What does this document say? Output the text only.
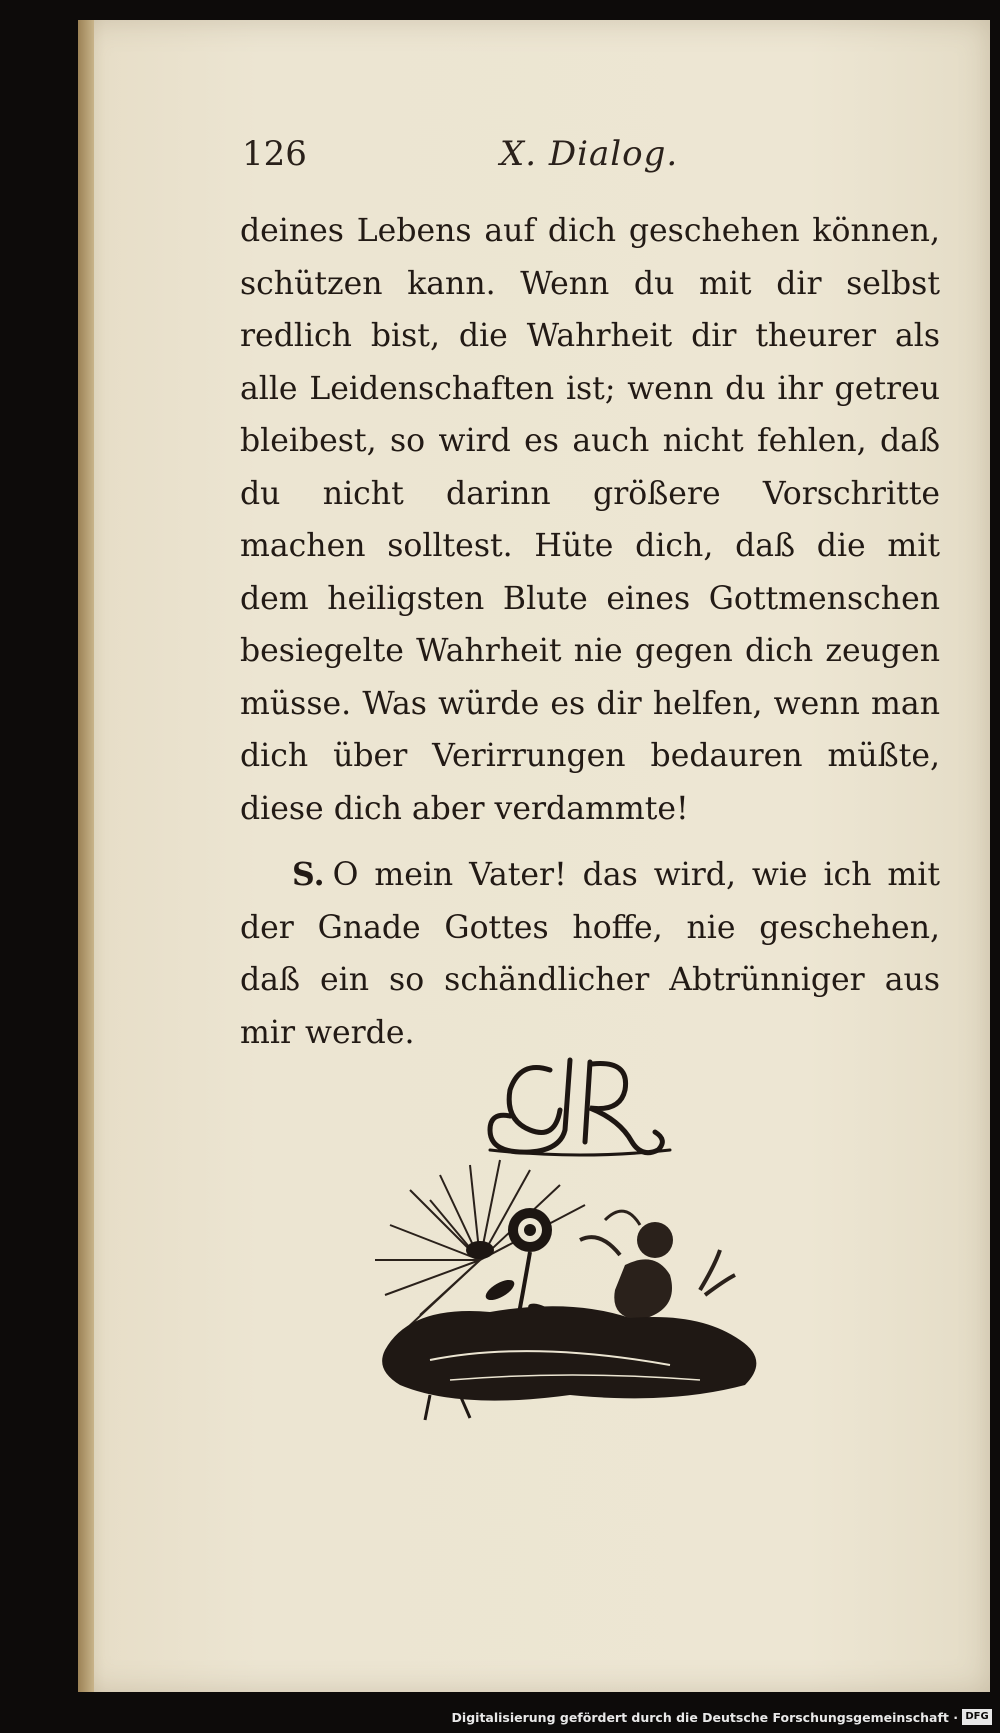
126	X. Dialog.

deines Lebens auf dich geschehen können, schützen kann. Wenn du mit dir selbst redlich bist, die Wahrheit dir theurer als alle Leidenschaften ist; wenn du ihr getreu bleibest, so wird es auch nicht fehlen, daß du nicht darinn größere Vorschritte machen solltest. Hüte dich, daß die mit dem heiligsten Blute eines Gottmenschen besiegelte Wahrheit nie gegen dich zeugen müsse. Was würde es dir helfen, wenn man dich über Verirrungen bedauren müßte, diese dich aber verdammte!

S. O mein Vater! das wird, wie ich mit der Gnade Gottes hoffe, nie geschehen, daß ein so schändlicher Abtrünniger aus mir werde.

Digitalisierung gefördert durch die Deutsche Forschungsgemeinschaft · DFG
